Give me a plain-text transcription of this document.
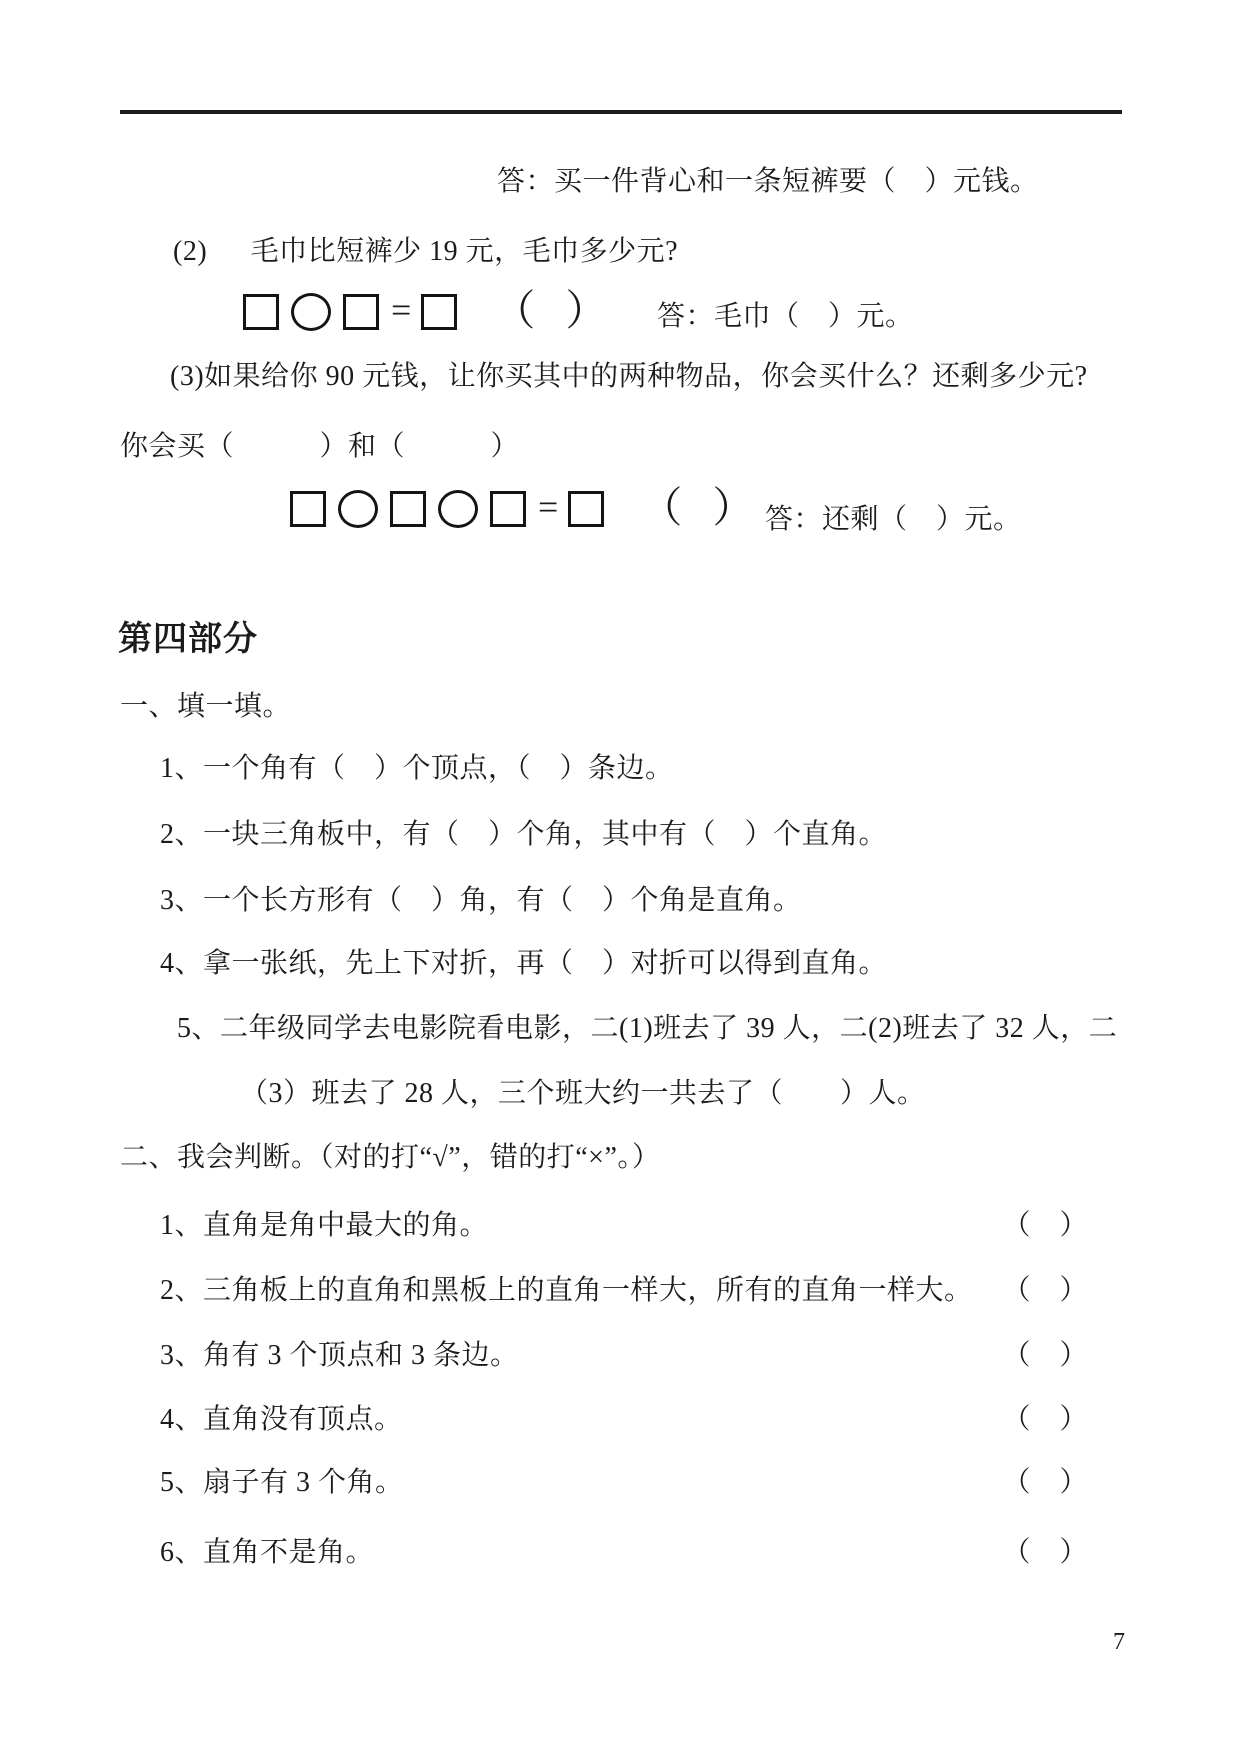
答：买一件背心和一条短裤要（　）元钱。
(2)　  毛巾比短裤少 19 元，毛巾多少元?
= （　） 答：毛巾（　）元。
(3)如果给你 90 元钱，让你买其中的两种物品，你会买什么？还剩多少元?
你会买（　　　）和（　　　）
= （　） 答：还剩（　）元。
第四部分
一、填一填。
1、一个角有（　）个顶点，（　）条边。
2、一块三角板中，有（　）个角，其中有（　）个直角。
3、一个长方形有（　）角，有（　）个角是直角。
4、拿一张纸，先上下对折，再（　）对折可以得到直角。
5、二年级同学去电影院看电影，二(1)班去了 39 人，二(2)班去了 32 人，二
（3）班去了 28 人，三个班大约一共去了（　　）人。
二、我会判断。（对的打“√”，错的打“×”。）
1、直角是角中最大的角。	（　）
2、三角板上的直角和黑板上的直角一样大，所有的直角一样大。 （　）
3、角有 3 个顶点和 3 条边。	（　）
4、直角没有顶点。	（　）
5、扇子有 3 个角。	（　）
6、直角不是角。	（　）
7
